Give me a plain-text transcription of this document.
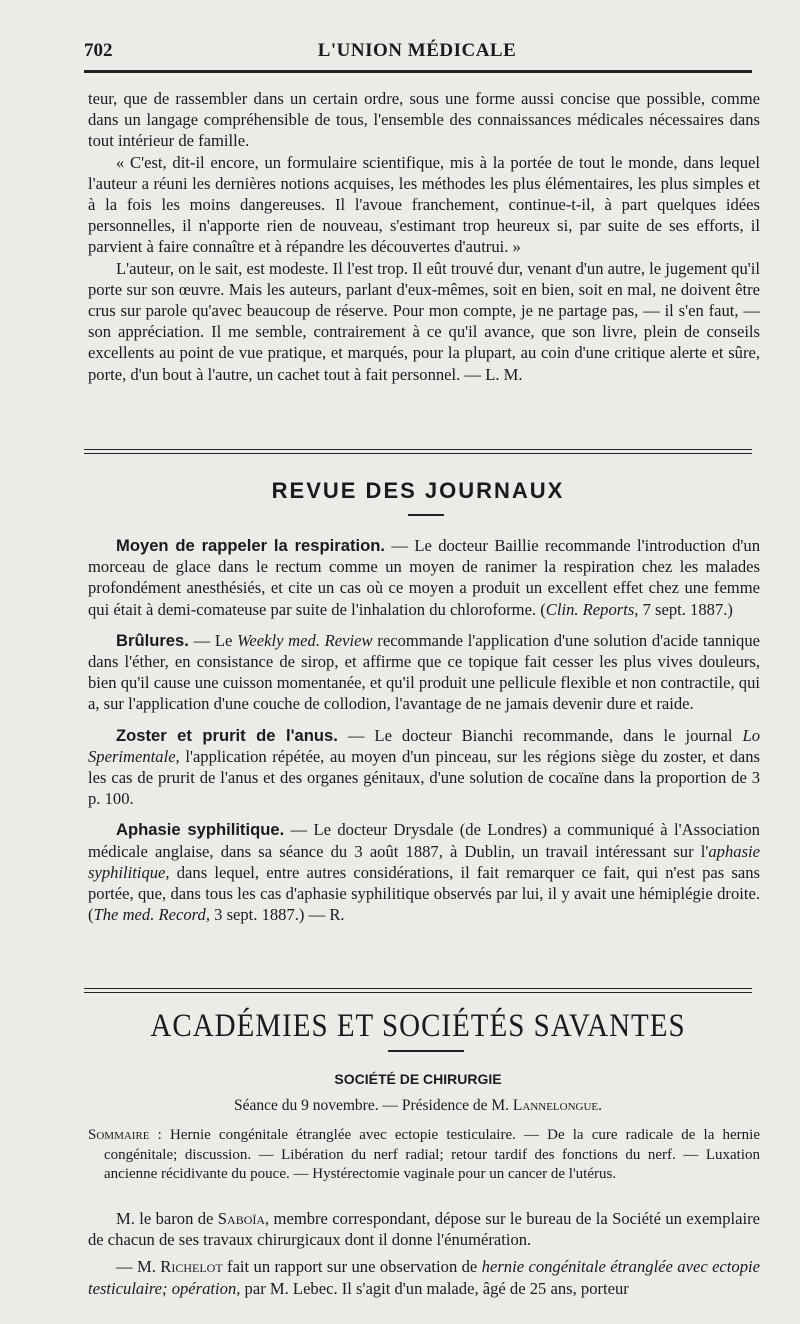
702	L'UNION MÉDICALE

teur, que de rassembler dans un certain ordre, sous une forme aussi concise que possible, comme dans un langage compréhensible de tous, l'ensemble des connaissances médicales nécessaires dans tout intérieur de famille.

« C'est, dit-il encore, un formulaire scientifique, mis à la portée de tout le monde, dans lequel l'auteur a réuni les dernières notions acquises, les méthodes les plus élémentaires, les plus simples et à la fois les moins dangereuses. Il l'avoue franchement, continue-t-il, à part quelques idées personnelles, il n'apporte rien de nouveau, s'estimant trop heureux si, par suite de ses efforts, il parvient à faire connaître et à répandre les découvertes d'autrui. »

L'auteur, on le sait, est modeste. Il l'est trop. Il eût trouvé dur, venant d'un autre, le jugement qu'il porte sur son œuvre. Mais les auteurs, parlant d'eux-mêmes, soit en bien, soit en mal, ne doivent être crus sur parole qu'avec beaucoup de réserve. Pour mon compte, je ne partage pas, — il s'en faut, — son appréciation. Il me semble, contrairement à ce qu'il avance, que son livre, plein de conseils excellents au point de vue pratique, et marqués, pour la plupart, au coin d'une critique alerte et sûre, porte, d'un bout à l'autre, un cachet tout à fait personnel. — L. M.

REVUE DES JOURNAUX

Moyen de rappeler la respiration. — Le docteur Baillie recommande l'introduction d'un morceau de glace dans le rectum comme un moyen de ranimer la respiration chez les malades profondément anesthésiés, et cite un cas où ce moyen a produit un excellent effet chez une femme qui était à demi-comateuse par suite de l'inhalation du chloroforme. (Clin. Reports, 7 sept. 1887.)

Brûlures. — Le Weekly med. Review recommande l'application d'une solution d'acide tannique dans l'éther, en consistance de sirop, et affirme que ce topique fait cesser les plus vives douleurs, bien qu'il cause une cuisson momentanée, et qu'il produit une pellicule flexible et non contractile, qui a, sur l'application d'une couche de collodion, l'avantage de ne jamais devenir dure et raide.

Zoster et prurit de l'anus. — Le docteur Bianchi recommande, dans le journal Lo Sperimentale, l'application répétée, au moyen d'un pinceau, sur les régions siège du zoster, et dans les cas de prurit de l'anus et des organes génitaux, d'une solution de cocaïne dans la proportion de 3 p. 100.

Aphasie syphilitique. — Le docteur Drysdale (de Londres) a communiqué à l'Association médicale anglaise, dans sa séance du 3 août 1887, à Dublin, un travail intéressant sur l'aphasie syphilitique, dans lequel, entre autres considérations, il fait remarquer ce fait, qui n'est pas sans portée, que, dans tous les cas d'aphasie syphilitique observés par lui, il y avait une hémiplégie droite. (The med. Record, 3 sept. 1887.) — R.

ACADÉMIES ET SOCIÉTÉS SAVANTES
SOCIÉTÉ DE CHIRURGIE
Séance du 9 novembre. — Présidence de M. Lannelongue.
Sommaire : Hernie congénitale étranglée avec ectopie testiculaire. — De la cure radicale de la hernie congénitale; discussion. — Libération du nerf radial; retour tardif des fonctions du nerf. — Luxation ancienne récidivante du pouce. — Hystérectomie vaginale pour un cancer de l'utérus.

M. le baron de Saboïa, membre correspondant, dépose sur le bureau de la Société un exemplaire de chacun de ses travaux chirurgicaux dont il donne l'énumération.

— M. Richelot fait un rapport sur une observation de hernie congénitale étranglée avec ectopie testiculaire; opération, par M. Lebec. Il s'agit d'un malade, âgé de 25 ans, porteur
